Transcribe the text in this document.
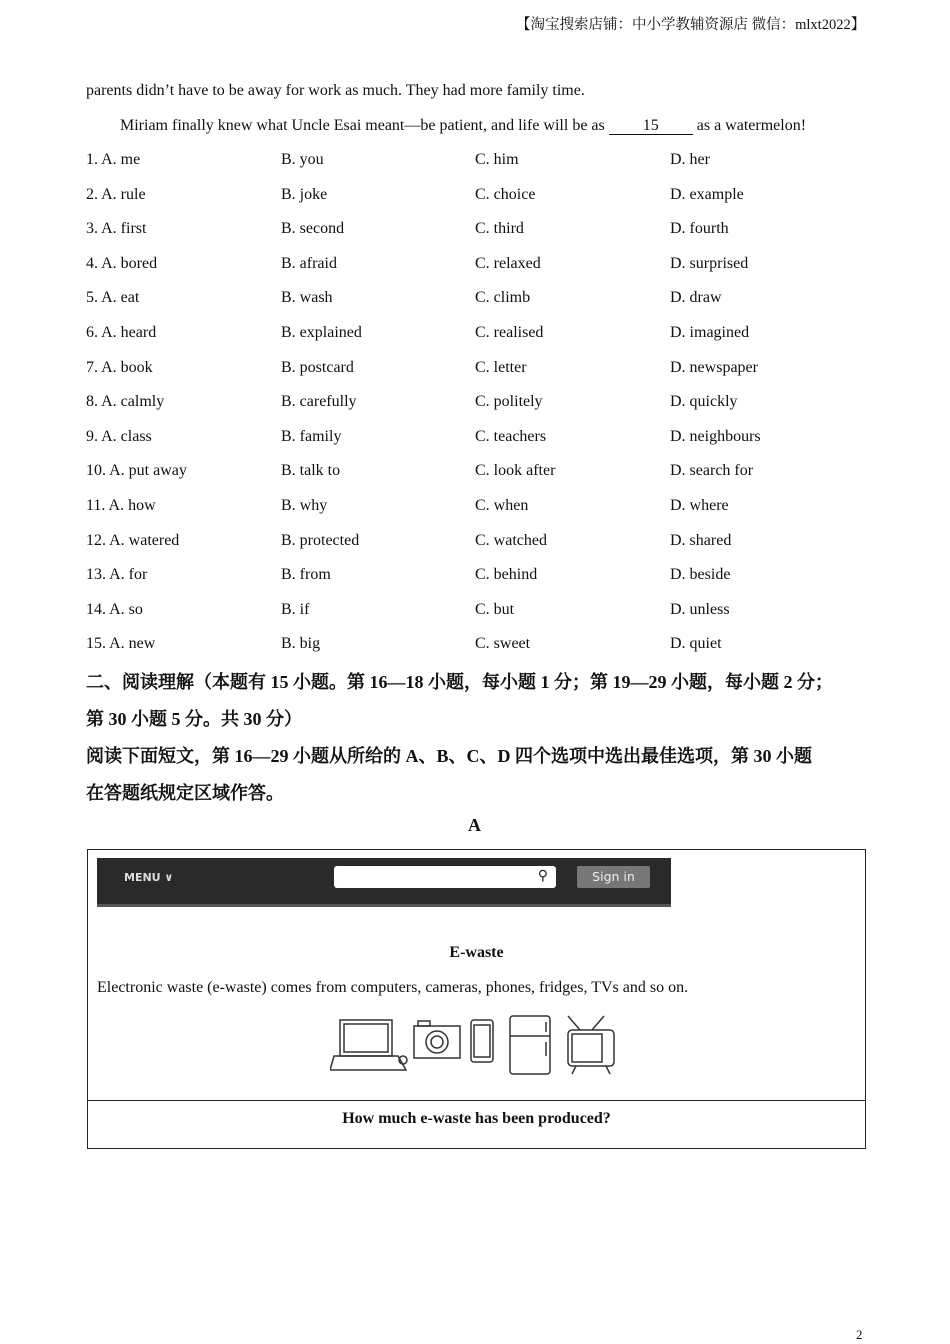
【淘宝搜索店铺：中小学教辅资源店 微信：mlxt2022】
parents didn’t have to be away for work as much. They had more family time.
Miriam finally knew what Uncle Esai meant—be patient, and life will be as 15 as a watermelon!
1. A. me	B. you	C. him	D. her
2. A. rule	B. joke	C. choice	D. example
3. A. first	B. second	C. third	D. fourth
4. A. bored	B. afraid	C. relaxed	D. surprised
5. A. eat	B. wash	C. climb	D. draw
6. A. heard	B. explained	C. realised	D. imagined
7. A. book	B. postcard	C. letter	D. newspaper
8. A. calmly	B. carefully	C. politely	D. quickly
9. A. class	B. family	C. teachers	D. neighbours
10. A. put away	B. talk to	C. look after	D. search for
11. A. how	B. why	C. when	D. where
12. A. watered	B. protected	C. watched	D. shared
13. A. for	B. from	C. behind	D. beside
14. A. so	B. if	C. but	D. unless
15. A. new	B. big	C. sweet	D. quiet
二、阅读理解（本题有 15 小题。第 16—18 小题，每小题 1 分；第 19—29 小题，每小题 2 分；
第 30 小题 5 分。共 30 分）
阅读下面短文，第 16—29 小题从所给的 A、B、C、D 四个选项中选出最佳选项，第 30 小题
在答题纸规定区域作答。
A
MENU ∨	⚲	Sign in
E-waste
Electronic waste (e-waste) comes from computers, cameras, phones, fridges, TVs and so on.
How much e-waste has been produced?
2
